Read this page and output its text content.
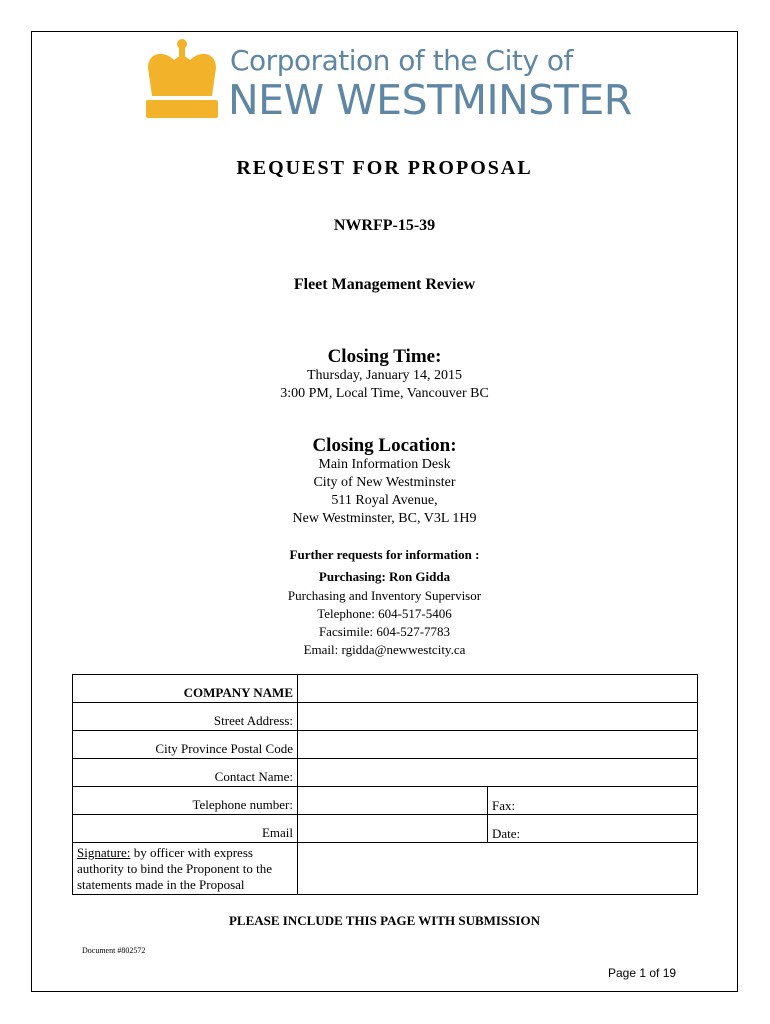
Corporation of the City of
NEW WESTMINSTER
REQUEST FOR PROPOSAL
NWRFP-15-39
Fleet Management Review
Closing Time:
Thursday, January 14, 2015
3:00 PM, Local Time, Vancouver BC
Closing Location:
Main Information Desk
City of New Westminster
511 Royal Avenue,
New Westminster, BC, V3L 1H9
Further requests for information :
Purchasing: Ron Gidda
Purchasing and Inventory Supervisor
Telephone: 604-517-5406
Facsimile: 604-527-7783
Email: rgidda@newwestcity.ca
COMPANY NAME		
Street Address:		
City Province Postal Code		
Contact Name:		
Telephone number:		Fax:
Email		Date:
Signature: by officer with express authority to bind the Proponent to the statements made in the Proposal		
PLEASE INCLUDE THIS PAGE WITH SUBMISSION
Document #802572
Page 1 of 19
